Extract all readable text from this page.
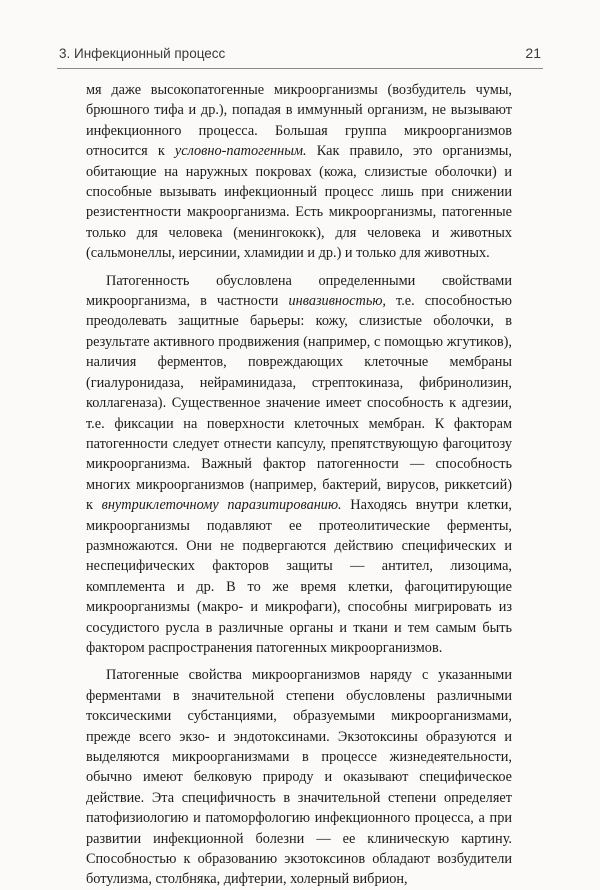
3. Инфекционный процесс	21

мя даже высокопатогенные микроорганизмы (возбудитель чумы, брюшного тифа и др.), попадая в иммунный организм, не вызывают инфекционного процесса. Большая группа микроорганизмов относится к условно-патогенным. Как правило, это организмы, обитающие на наружных покровах (кожа, слизистые оболочки) и способные вызывать инфекционный процесс лишь при снижении резистентности макроорганизма. Есть микроорганизмы, патогенные только для человека (менингококк), для человека и животных (сальмонеллы, иерсинии, хламидии и др.) и только для животных.

Патогенность обусловлена определенными свойствами микроорганизма, в частности инвазивностью, т.е. способностью преодолевать защитные барьеры: кожу, слизистые оболочки, в результате активного продвижения (например, с помощью жгутиков), наличия ферментов, повреждающих клеточные мембраны (гиалуронидаза, нейраминидаза, стрептокиназа, фибринолизин, коллагеназа). Существенное значение имеет способность к адгезии, т.е. фиксации на поверхности клеточных мембран. К факторам патогенности следует отнести капсулу, препятствующую фагоцитозу микроорганизма. Важный фактор патогенности — способность многих микроорганизмов (например, бактерий, вирусов, риккетсий) к внутриклеточному паразитированию. Находясь внутри клетки, микроорганизмы подавляют ее протеолитические ферменты, размножаются. Они не подвергаются действию специфических и неспецифических факторов защиты — антител, лизоцима, комплемента и др. В то же время клетки, фагоцитирующие микроорганизмы (макро- и микрофаги), способны мигрировать из сосудистого русла в различные органы и ткани и тем самым быть фактором распространения патогенных микроорганизмов.

Патогенные свойства микроорганизмов наряду с указанными ферментами в значительной степени обусловлены различными токсическими субстанциями, образуемыми микроорганизмами, прежде всего экзо- и эндотоксинами. Экзотоксины образуются и выделяются микроорганизмами в процессе жизнедеятельности, обычно имеют белковую природу и оказывают специфическое действие. Эта специфичность в значительной степени определяет патофизиологию и патоморфологию инфекционного процесса, а при развитии инфекционной болезни — ее клиническую картину. Способностью к образованию экзотоксинов обладают возбудители ботулизма, столбняка, дифтерии, холерный вибрион,
